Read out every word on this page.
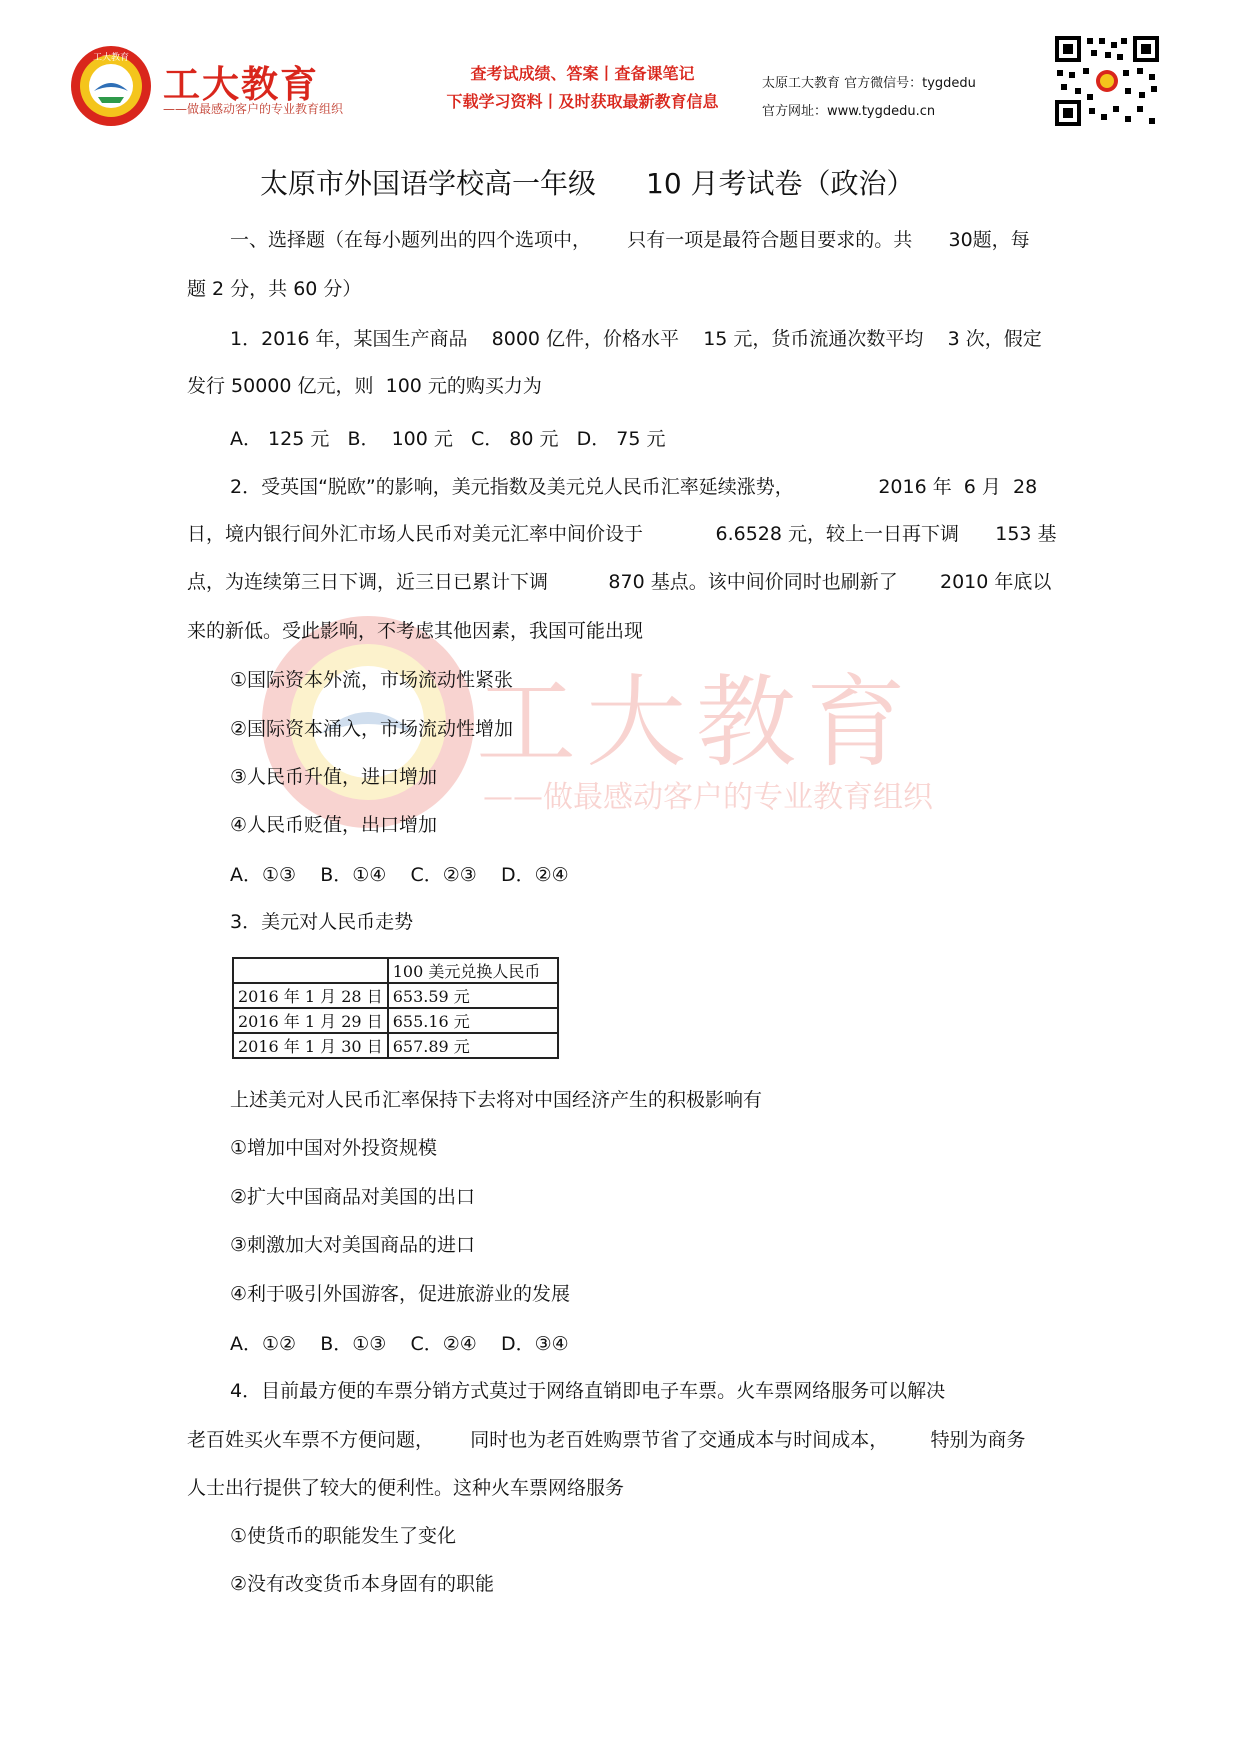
工大教育
工大教育
——做最感动客户的专业教育组织
查考试成绩、答案丨查备课笔记
下载学习资料丨及时获取最新教育信息
太原工大教育 官方微信号：tygdedu
官方网址：www.tygdedu.cn
工大教育
——做最感动客户的专业教育组织
太原市外国语学校高一年级 10 月考试卷（政治）
一、选择题（在每小题列出的四个选项中，      只有一项是最符合题目要求的。共      30题，每
题 2 分，共 60 分）
1．2016 年，某国生产商品    8000 亿件，价格水平    15 元，货币流通次数平均    3 次，假定
发行 50000 亿元，则  100 元的购买力为
A． 125 元   B．  100 元   C． 80 元   D． 75 元
2．受英国“脱欧”的影响，美元指数及美元兑人民币汇率延续涨势，              2016 年  6 月  28
日，境内银行间外汇市场人民币对美元汇率中间价设于            6.6528 元，较上一日再下调      153 基
点，为连续第三日下调，近三日已累计下调          870 基点。该中间价同时也刷新了       2010 年底以
来的新低。受此影响，不考虑其他因素，我国可能出现
①国际资本外流，市场流动性紧张
②国际资本涌入，市场流动性增加
③人民币升值，进口增加
④人民币贬值，出口增加
A．①③    B．①④    C．②③    D．②④
3．美元对人民币走势
	100 美元兑换人民币
2016 年 1 月 28 日	653.59 元
2016 年 1 月 29 日	655.16 元
2016 年 1 月 30 日	657.89 元
上述美元对人民币汇率保持下去将对中国经济产生的积极影响有
①增加中国对外投资规模
②扩大中国商品对美国的出口
③刺激加大对美国商品的进口
④利于吸引外国游客，促进旅游业的发展
A．①②    B．①③    C．②④    D．③④
4．目前最方便的车票分销方式莫过于网络直销即电子车票。火车票网络服务可以解决
老百姓买火车票不方便问题，      同时也为老百姓购票节省了交通成本与时间成本，       特别为商务
人士出行提供了较大的便利性。这种火车票网络服务
①使货币的职能发生了变化
②没有改变货币本身固有的职能
